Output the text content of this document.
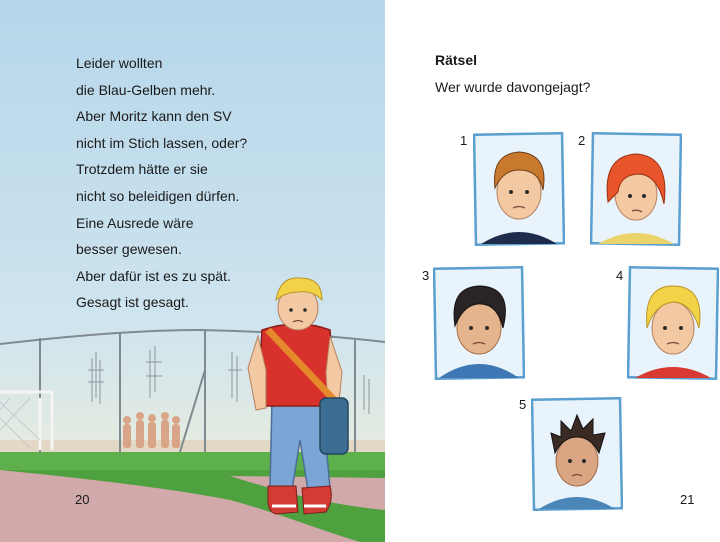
Leider wollten
die Blau-Gelben mehr.
Aber Moritz kann den SV
nicht im Stich lassen, oder?
Trotzdem hätte er sie
nicht so beleidigen dürfen.
Eine Ausrede wäre
besser gewesen.
Aber dafür ist es zu spät.
Gesagt ist gesagt.
20
Rätsel
Wer wurde davongejagt?
1	2
3	4
5
21
